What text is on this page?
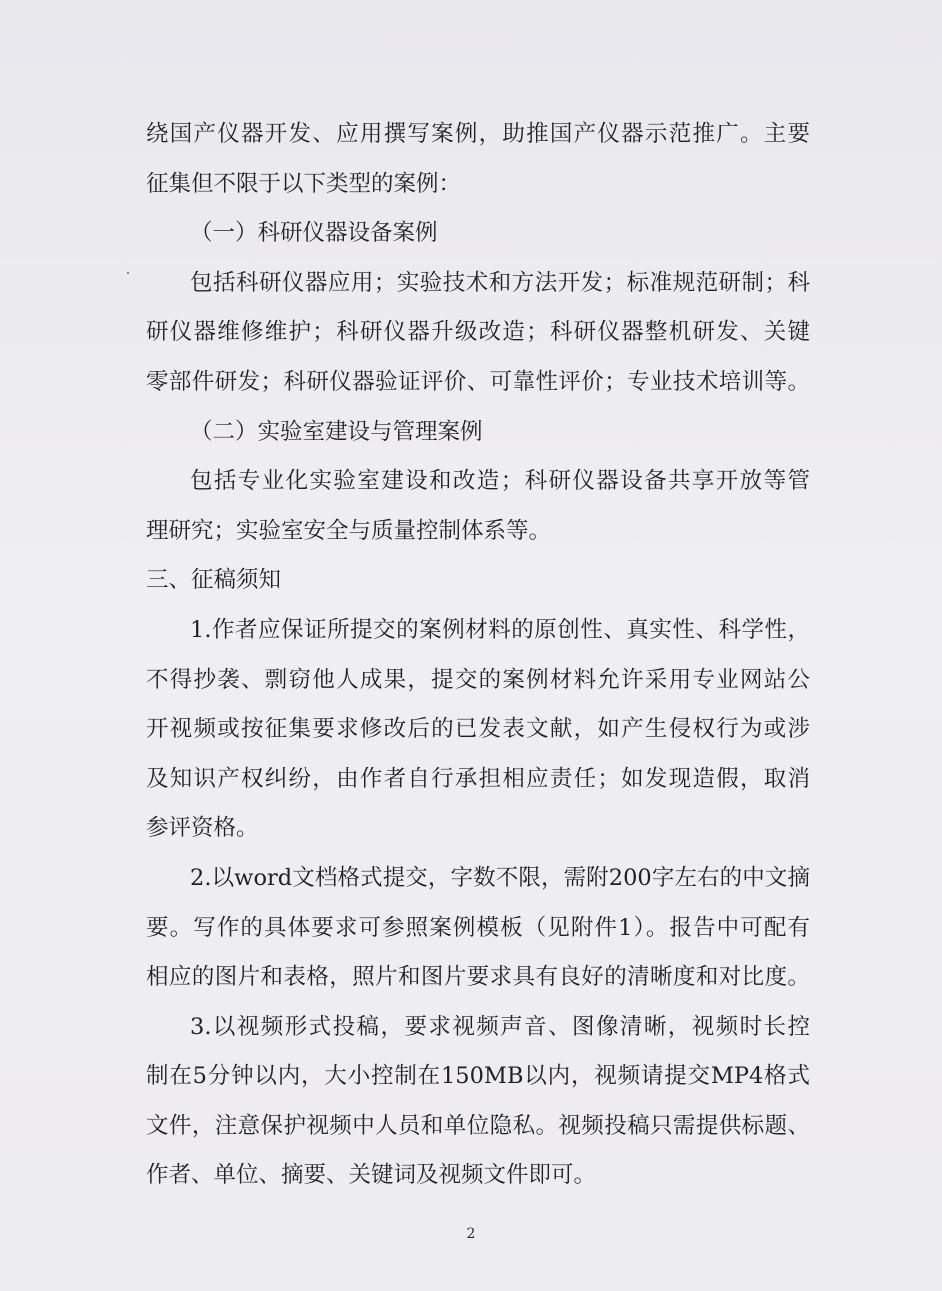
绕国产仪器开发、应用撰写案例，助推国产仪器示范推广。主要
征集但不限于以下类型的案例：
（一）科研仪器设备案例
包括科研仪器应用；实验技术和方法开发；标准规范研制；科
研仪器维修维护；科研仪器升级改造；科研仪器整机研发、关键
零部件研发；科研仪器验证评价、可靠性评价；专业技术培训等。
（二）实验室建设与管理案例
包括专业化实验室建设和改造；科研仪器设备共享开放等管
理研究；实验室安全与质量控制体系等。
三、征稿须知
1.作者应保证所提交的案例材料的原创性、真实性、科学性，
不得抄袭、剽窃他人成果，提交的案例材料允许采用专业网站公
开视频或按征集要求修改后的已发表文献，如产生侵权行为或涉
及知识产权纠纷，由作者自行承担相应责任；如发现造假，取消
参评资格。
2.以word文档格式提交，字数不限，需附200字左右的中文摘
要。写作的具体要求可参照案例模板（见附件1）。报告中可配有
相应的图片和表格，照片和图片要求具有良好的清晰度和对比度。
3.以视频形式投稿，要求视频声音、图像清晰，视频时长控
制在5分钟以内，大小控制在150MB以内，视频请提交MP4格式
文件，注意保护视频中人员和单位隐私。视频投稿只需提供标题、
作者、单位、摘要、关键词及视频文件即可。
2
